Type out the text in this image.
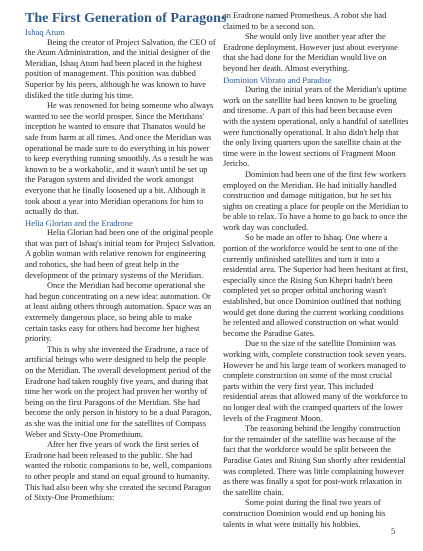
The First Generation of Paragons
Ishaq Atum

Being the creator of Project Salvation, the CEO of the Atum Administration, and the initial designer of the Meridian, Ishaq Atum had been placed in the highest position of management. This position was dubbed Superior by his peers, although he was known to have disliked the title during his time.

He was renowned for being someone who always wanted to see the world prosper. Since the Meridians' inception he wanted to ensure that Thanatos would be safe from harm at all times. And once the Meridian was operational he made sure to do everything in his power to keep everything running smoothly. As a result he was known to be a workaholic, and it wasn't until he set up the Paragon system and divided the work amongst everyone that he finally loosened up a bit. Although it took about a year into Meridian operations for him to actually do that.

Helia Glorian and the Eradrone

Helia Glorian had been one of the original people that was part of Ishaq's initial team for Project Salvation. A goblin woman with relative renown for engineering and robotics, she had been of great help in the development of the primary systems of the Meridian.

Once the Meridian had become operational she had begun concentrating on a new idea: automation. Or at least aiding others through automation. Space was an extremely dangerous place, so being able to make certain tasks easy for others had become her highest priority.

This is why she invented the Eradrone, a race of artificial beings who were designed to help the people on the Meridian. The overall development period of the Eradrone had taken roughly five years, and during that time her work on the project had proven her worthy of being on the first Paragons of the Meridian. She had become the only person in history to be a dual Paragon, as she was the initial one for the satellites of Compass Weber and Sixty-One Promethium.

After her five years of work the first series of Eradrone had been released to the public. She had wanted the robotic companions to be, well, companions to other people and stand on equal ground to humanity. This had also been why she created the second Paragon of Sixty-One Promethium:

an Eradrone named Prometheus. A robot she had claimed to be a second son.

She would only live another year after the Eradrone deployment. However just about everyone that she had done for the Meridian would live on beyond her death. Almost everything.

Dominion Vibrato and Paradise

During the initial years of the Meridian's uptime work on the satellite had been known to be grueling and tiresome. A part of this had been because even with the system operational, only a handful of satellites were functionally operational. It also didn't help that the only living quarters upon the satellite chain at the time were in the lowest sections of Fragment Moon Jericho.

Dominion had been one of the first few workers employed on the Meridian. He had initially handled construction and damage mitigation, but he set his sights on creating a place for people on the Meridian to be able to relax. To have a home to go back to once the work day was concluded.

So he made an offer to Ishaq. One where a portion of the workforce would be sent to one of the currently unfinished satellites and turn it into a residential area. The Superior had been hesitant at first, especially since the Rising Sun Khepri hadn't been completed yet so proper orbital anchoring wasn't established, but once Dominion outlined that nothing would get done during the current working conditions he relented and allowed construction on what would become the Paradise Gates.

Due to the size of the satellite Dominion was working with, complete construction took seven years. However he and his large team of workers managed to complete construction on some of the most crucial parts within the very first year. This included residential areas that allowed many of the workforce to no longer deal with the cramped quarters of the lower levels of the Fragment Moon.

The reasoning behind the lengthy construction for the remainder of the satellite was because of the fact that the workforce would be split between the Paradise Gates and Rising Sun shortly after residential was completed. There was little complaining however as there was finally a spot for post-work relaxation in the satellite chain.

Some point during the final two years of construction Dominion would end up honing his talents in what were initially his hobbies.

5
